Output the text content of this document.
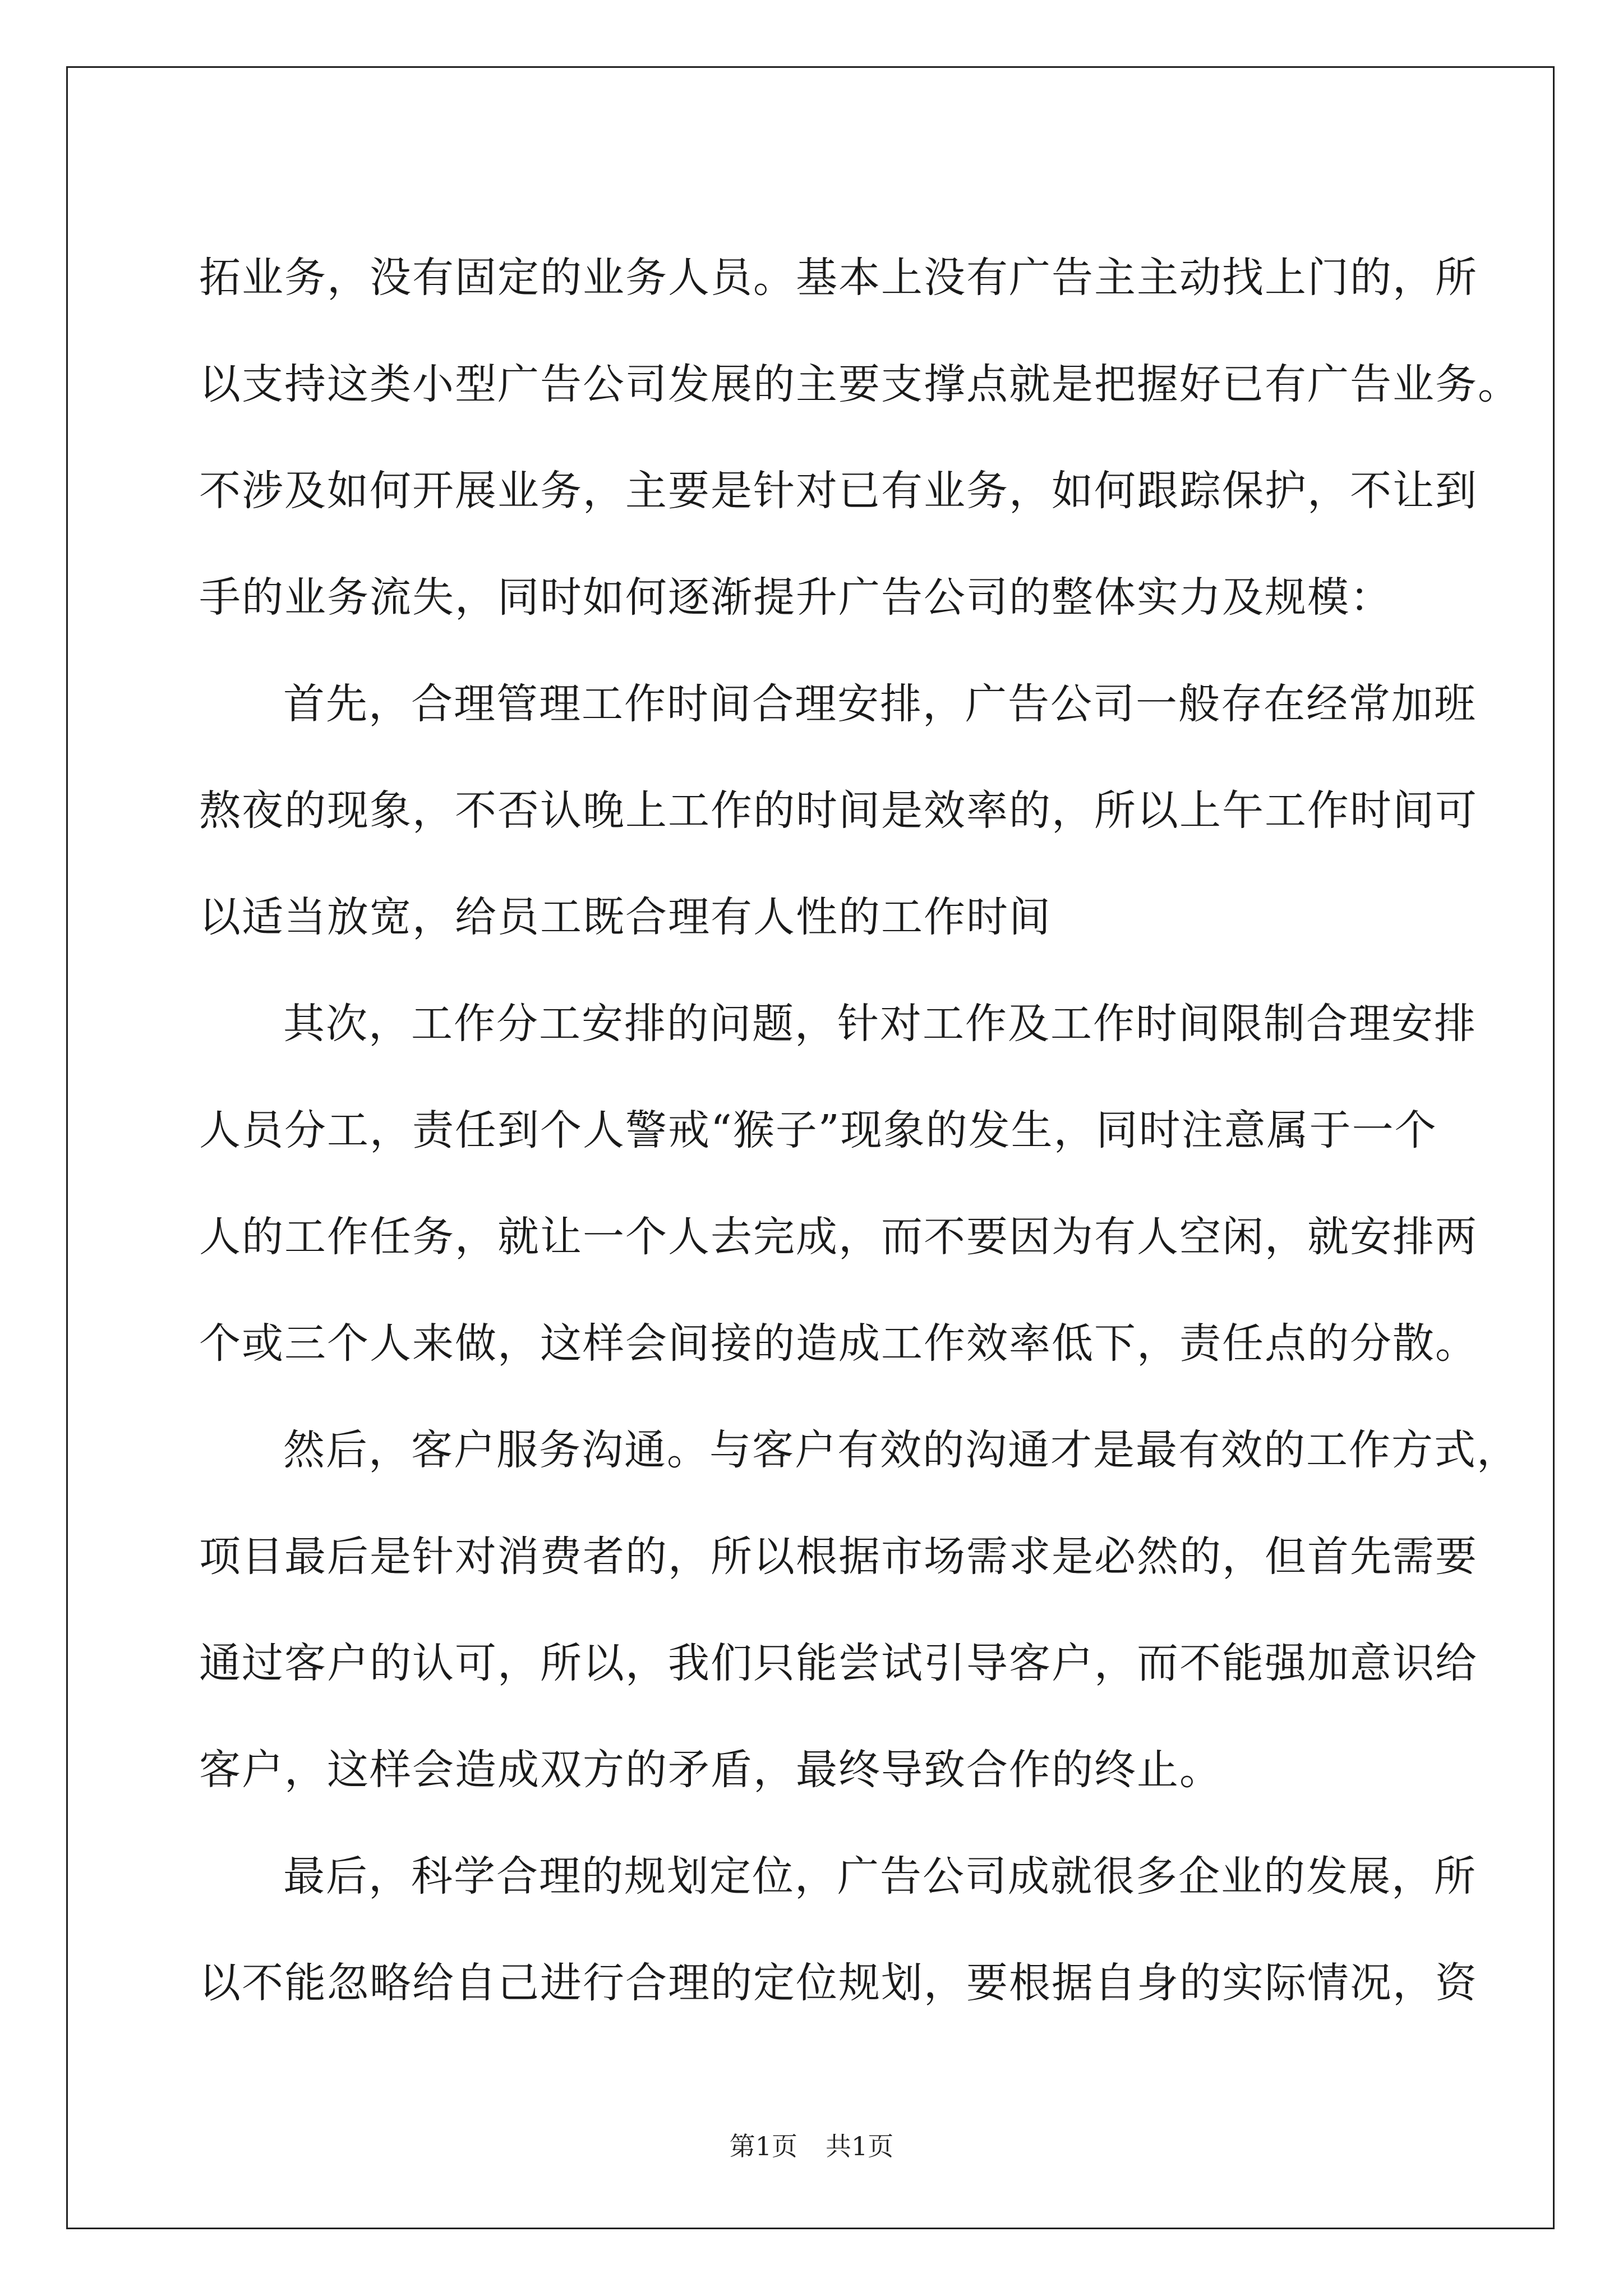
拓业务，没有固定的业务人员。基本上没有广告主主动找上门的，所
以支持这类小型广告公司发展的主要支撑点就是把握好已有广告业务。
不涉及如何开展业务，主要是针对已有业务，如何跟踪保护，不让到
手的业务流失，同时如何逐渐提升广告公司的整体实力及规模：
首先，合理管理工作时间合理安排，广告公司一般存在经常加班
熬夜的现象，不否认晚上工作的时间是效率的，所以上午工作时间可
以适当放宽，给员工既合理有人性的工作时间
其次，工作分工安排的问题，针对工作及工作时间限制合理安排
人员分工，责任到个人警戒“猴子”现象的发生，同时注意属于一个
人的工作任务，就让一个人去完成，而不要因为有人空闲，就安排两
个或三个人来做，这样会间接的造成工作效率低下，责任点的分散。
然后，客户服务沟通。与客户有效的沟通才是最有效的工作方式，
项目最后是针对消费者的，所以根据市场需求是必然的，但首先需要
通过客户的认可，所以，我们只能尝试引导客户，而不能强加意识给
客户，这样会造成双方的矛盾，最终导致合作的终止。
最后，科学合理的规划定位，广告公司成就很多企业的发展，所
以不能忽略给自己进行合理的定位规划，要根据自身的实际情况，资
第1页 共1页
